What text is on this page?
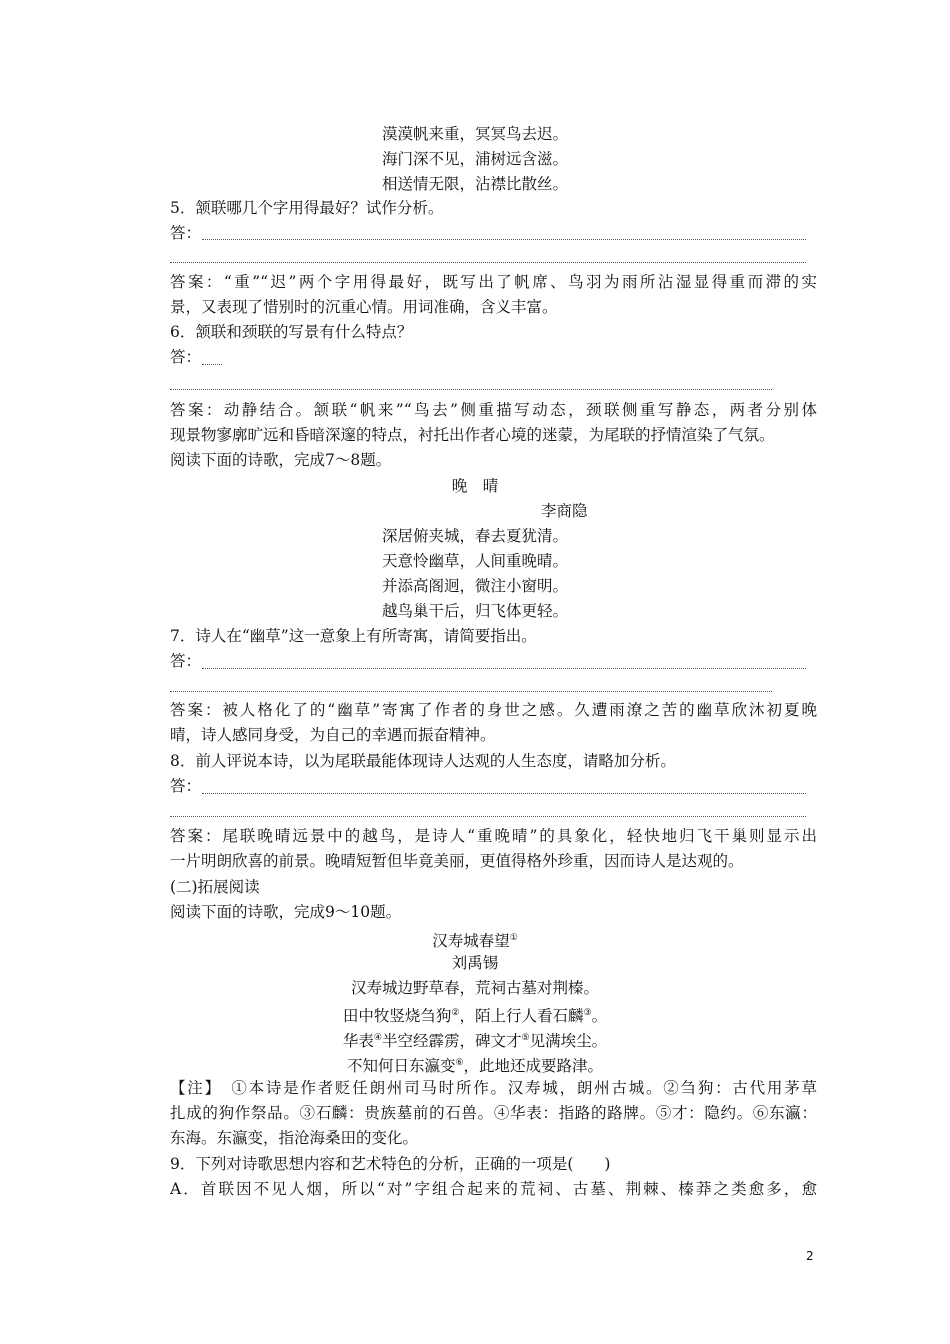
漠漠帆来重，冥冥鸟去迟。
海门深不见，浦树远含滋。
相送情无限，沾襟比散丝。
5．颔联哪几个字用得最好？试作分析。
答：
答案：“重”“迟”两个字用得最好，既写出了帆席、鸟羽为雨所沾湿显得重而滞的实
景，又表现了惜别时的沉重心情。用词准确，含义丰富。
6．颔联和颈联的写景有什么特点？
答：
答案：动静结合。颔联“帆来”“鸟去”侧重描写动态，颈联侧重写静态，两者分别体
现景物寥廓旷远和昏暗深邃的特点，衬托出作者心境的迷蒙，为尾联的抒情渲染了气氛。
阅读下面的诗歌，完成7～8题。
晚　晴
李商隐
深居俯夹城，春去夏犹清。
天意怜幽草，人间重晚晴。
并添高阁迥，微注小窗明。
越鸟巢干后，归飞体更轻。
7．诗人在“幽草”这一意象上有所寄寓，请简要指出。
答：
答案：被人格化了的“幽草”寄寓了作者的身世之感。久遭雨潦之苦的幽草欣沐初夏晚
晴，诗人感同身受，为自己的幸遇而振奋精神。
8．前人评说本诗，以为尾联最能体现诗人达观的人生态度，请略加分析。
答：
答案：尾联晚晴远景中的越鸟，是诗人“重晚晴”的具象化，轻快地归飞干巢则显示出
一片明朗欣喜的前景。晚晴短暂但毕竟美丽，更值得格外珍重，因而诗人是达观的。
(二)拓展阅读
阅读下面的诗歌，完成9～10题。
汉寿城春望①
刘禹锡
汉寿城边野草春，荒祠古墓对荆榛。
田中牧竖烧刍狗②，陌上行人看石麟③。
华表④半空经霹雳，碑文才⑤见满埃尘。
不知何日东瀛变⑥，此地还成要路津。
【注】　①本诗是作者贬任朗州司马时所作。汉寿城，朗州古城。②刍狗：古代用茅草
扎成的狗作祭品。③石麟：贵族墓前的石兽。④华表：指路的路牌。⑤才：隐约。⑥东瀛：
东海。东瀛变，指沧海桑田的变化。
9．下列对诗歌思想内容和艺术特色的分析，正确的一项是(　　)
A．首联因不见人烟，所以“对”字组合起来的荒祠、古墓、荆棘、榛莽之类愈多，愈
2
